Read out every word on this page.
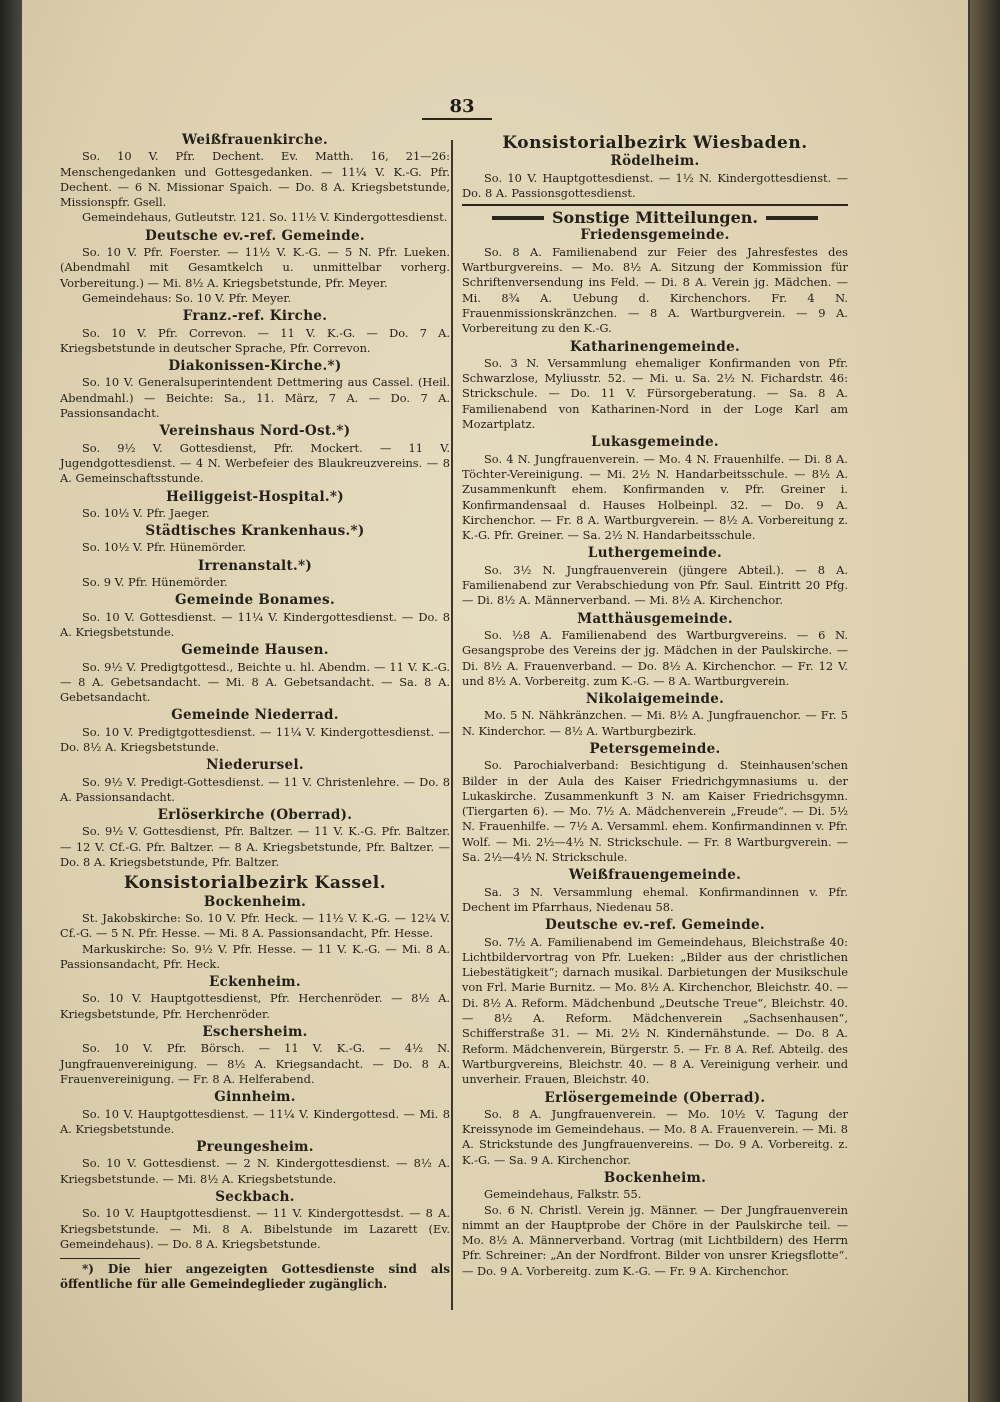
83
Weißfrauenkirche.
So. 10 V. Pfr. Dechent. Ev. Matth. 16, 21—26: Menschengedanken und Gottesgedanken. — 11¼ V. K.-G. Pfr. Dechent. — 6 N. Missionar Spaich. — Do. 8 A. Kriegsbetstunde, Missionspfr. Gsell.
Gemeindehaus, Gutleutstr. 121. So. 11½ V. Kindergottesdienst.
Deutsche ev.-ref. Gemeinde.
So. 10 V. Pfr. Foerster. — 11½ V. K.-G. — 5 N. Pfr. Lueken. (Abendmahl mit Gesamtkelch u. unmittelbar vorherg. Vorbereitung.) — Mi. 8½ A. Kriegsbetstunde, Pfr. Meyer.
Gemeindehaus: So. 10 V. Pfr. Meyer.
Franz.-ref. Kirche.
So. 10 V. Pfr. Correvon. — 11 V. K.-G. — Do. 7 A. Kriegsbetstunde in deutscher Sprache, Pfr. Correvon.
Diakonissen-Kirche.*)
So. 10 V. Generalsuperintendent Dettmering aus Cassel. (Heil. Abendmahl.) — Beichte: Sa., 11. März, 7 A. — Do. 7 A. Passionsandacht.
Vereinshaus Nord-Ost.*)
So. 9½ V. Gottesdienst, Pfr. Mockert. — 11 V. Jugendgottesdienst. — 4 N. Werbefeier des Blaukreuzvereins. — 8 A. Gemeinschaftsstunde.
Heiliggeist-Hospital.*)
So. 10½ V. Pfr. Jaeger.
Städtisches Krankenhaus.*)
So. 10½ V. Pfr. Hünemörder.
Irrenanstalt.*)
So. 9 V. Pfr. Hünemörder.
Gemeinde Bonames.
So. 10 V. Gottesdienst. — 11¼ V. Kindergottesdienst. — Do. 8 A. Kriegsbetstunde.
Gemeinde Hausen.
So. 9½ V. Predigtgottesd., Beichte u. hl. Abendm. — 11 V. K.-G. — 8 A. Gebetsandacht. — Mi. 8 A. Gebetsandacht. — Sa. 8 A. Gebetsandacht.
Gemeinde Niederrad.
So. 10 V. Predigtgottesdienst. — 11¼ V. Kindergottesdienst. — Do. 8½ A. Kriegsbetstunde.
Niederursel.
So. 9½ V. Predigt-Gottesdienst. — 11 V. Christenlehre. — Do. 8 A. Passionsandacht.
Erlöserkirche (Oberrad).
So. 9½ V. Gottesdienst, Pfr. Baltzer. — 11 V. K.-G. Pfr. Baltzer. — 12 V. Cf.-G. Pfr. Baltzer. — 8 A. Kriegsbetstunde, Pfr. Baltzer. — Do. 8 A. Kriegsbetstunde, Pfr. Baltzer.
Konsistorialbezirk Kassel.
Bockenheim.
St. Jakobskirche: So. 10 V. Pfr. Heck. — 11½ V. K.-G. — 12¼ V. Cf.-G. — 5 N. Pfr. Hesse. — Mi. 8 A. Passionsandacht, Pfr. Hesse.
Markuskirche: So. 9½ V. Pfr. Hesse. — 11 V. K.-G. — Mi. 8 A. Passionsandacht, Pfr. Heck.
Eckenheim.
So. 10 V. Hauptgottesdienst, Pfr. Herchenröder. — 8½ A. Kriegsbetstunde, Pfr. Herchenröder.
Eschersheim.
So. 10 V. Pfr. Börsch. — 11 V. K.-G. — 4½ N. Jungfrauenvereinigung. — 8½ A. Kriegsandacht. — Do. 8 A. Frauenvereinigung. — Fr. 8 A. Helferabend.
Ginnheim.
So. 10 V. Hauptgottesdienst. — 11¼ V. Kindergottesd. — Mi. 8 A. Kriegsbetstunde.
Preungesheim.
So. 10 V. Gottesdienst. — 2 N. Kindergottesdienst. — 8½ A. Kriegsbetstunde. — Mi. 8½ A. Kriegsbetstunde.
Seckbach.
So. 10 V. Hauptgottesdienst. — 11 V. Kindergottesdst. — 8 A. Kriegsbetstunde. — Mi. 8 A. Bibelstunde im Lazarett (Ev. Gemeindehaus). — Do. 8 A. Kriegsbetstunde.
*) Die hier angezeigten Gottesdienste sind als öffentliche für alle Gemeindeglieder zugänglich.
Konsistorialbezirk Wiesbaden.
Rödelheim.
So. 10 V. Hauptgottesdienst. — 1½ N. Kindergottesdienst. — Do. 8 A. Passionsgottesdienst.
Sonstige Mitteilungen.
Friedensgemeinde.
So. 8 A. Familienabend zur Feier des Jahresfestes des Wartburgvereins. — Mo. 8½ A. Sitzung der Kommission für Schriftenversendung ins Feld. — Di. 8 A. Verein jg. Mädchen. — Mi. 8¾ A. Uebung d. Kirchenchors. Fr. 4 N. Frauenmissionskränzchen. — 8 A. Wartburgverein. — 9 A. Vorbereitung zu den K.-G.
Katharinengemeinde.
So. 3 N. Versammlung ehemaliger Konfirmanden von Pfr. Schwarzlose, Myliusstr. 52. — Mi. u. Sa. 2½ N. Fichardstr. 46: Strickschule. — Do. 11 V. Fürsorgeberatung. — Sa. 8 A. Familienabend von Katharinen-Nord in der Loge Karl am Mozartplatz.
Lukasgemeinde.
So. 4 N. Jungfrauenverein. — Mo. 4 N. Frauenhilfe. — Di. 8 A. Töchter-Vereinigung. — Mi. 2½ N. Handarbeitsschule. — 8½ A. Zusammenkunft ehem. Konfirmanden v. Pfr. Greiner i. Konfirmandensaal d. Hauses Holbeinpl. 32. — Do. 9 A. Kirchenchor. — Fr. 8 A. Wartburgverein. — 8½ A. Vorbereitung z. K.-G. Pfr. Greiner. — Sa. 2½ N. Handarbeitsschule.
Luthergemeinde.
So. 3½ N. Jungfrauenverein (jüngere Abteil.). — 8 A. Familienabend zur Verabschiedung von Pfr. Saul. Eintritt 20 Pfg. — Di. 8½ A. Männerverband. — Mi. 8½ A. Kirchenchor.
Matthäusgemeinde.
So. ½8 A. Familienabend des Wartburgvereins. — 6 N. Gesangsprobe des Vereins der jg. Mädchen in der Paulskirche. — Di. 8½ A. Frauenverband. — Do. 8½ A. Kirchenchor. — Fr. 12 V. und 8½ A. Vorbereitg. zum K.-G. — 8 A. Wartburgverein.
Nikolaigemeinde.
Mo. 5 N. Nähkränzchen. — Mi. 8½ A. Jungfrauenchor. — Fr. 5 N. Kinderchor. — 8½ A. Wartburgbezirk.
Petersgemeinde.
So. Parochialverband: Besichtigung d. Steinhausen'schen Bilder in der Aula des Kaiser Friedrichgymnasiums u. der Lukaskirche. Zusammenkunft 3 N. am Kaiser Friedrichsgymn. (Tiergarten 6). — Mo. 7½ A. Mädchenverein „Freude“. — Di. 5½ N. Frauenhilfe. — 7½ A. Versamml. ehem. Konfirmandinnen v. Pfr. Wolf. — Mi. 2½—4½ N. Strickschule. — Fr. 8 Wartburgverein. — Sa. 2½—4½ N. Strickschule.
Weißfrauengemeinde.
Sa. 3 N. Versammlung ehemal. Konfirmandinnen v. Pfr. Dechent im Pfarrhaus, Niedenau 58.
Deutsche ev.-ref. Gemeinde.
So. 7½ A. Familienabend im Gemeindehaus, Bleichstraße 40: Lichtbildervortrag von Pfr. Lueken: „Bilder aus der christlichen Liebestätigkeit“; darnach musikal. Darbietungen der Musikschule von Frl. Marie Burnitz. — Mo. 8½ A. Kirchenchor, Bleichstr. 40. — Di. 8½ A. Reform. Mädchenbund „Deutsche Treue“, Bleichstr. 40. — 8½ A. Reform. Mädchenverein „Sachsenhausen“, Schifferstraße 31. — Mi. 2½ N. Kindernähstunde. — Do. 8 A. Reform. Mädchenverein, Bürgerstr. 5. — Fr. 8 A. Ref. Abteilg. des Wartburgvereins, Bleichstr. 40. — 8 A. Vereinigung verheir. und unverheir. Frauen, Bleichstr. 40.
Erlösergemeinde (Oberrad).
So. 8 A. Jungfrauenverein. — Mo. 10½ V. Tagung der Kreissynode im Gemeindehaus. — Mo. 8 A. Frauenverein. — Mi. 8 A. Strickstunde des Jungfrauenvereins. — Do. 9 A. Vorbereitg. z. K.-G. — Sa. 9 A. Kirchenchor.
Bockenheim.
Gemeindehaus, Falkstr. 55.
So. 6 N. Christl. Verein jg. Männer. — Der Jungfrauenverein nimmt an der Hauptprobe der Chöre in der Paulskirche teil. — Mo. 8½ A. Männerverband. Vortrag (mit Lichtbildern) des Herrn Pfr. Schreiner: „An der Nordfront. Bilder von unsrer Kriegsflotte“. — Do. 9 A. Vorbereitg. zum K.-G. — Fr. 9 A. Kirchenchor.
